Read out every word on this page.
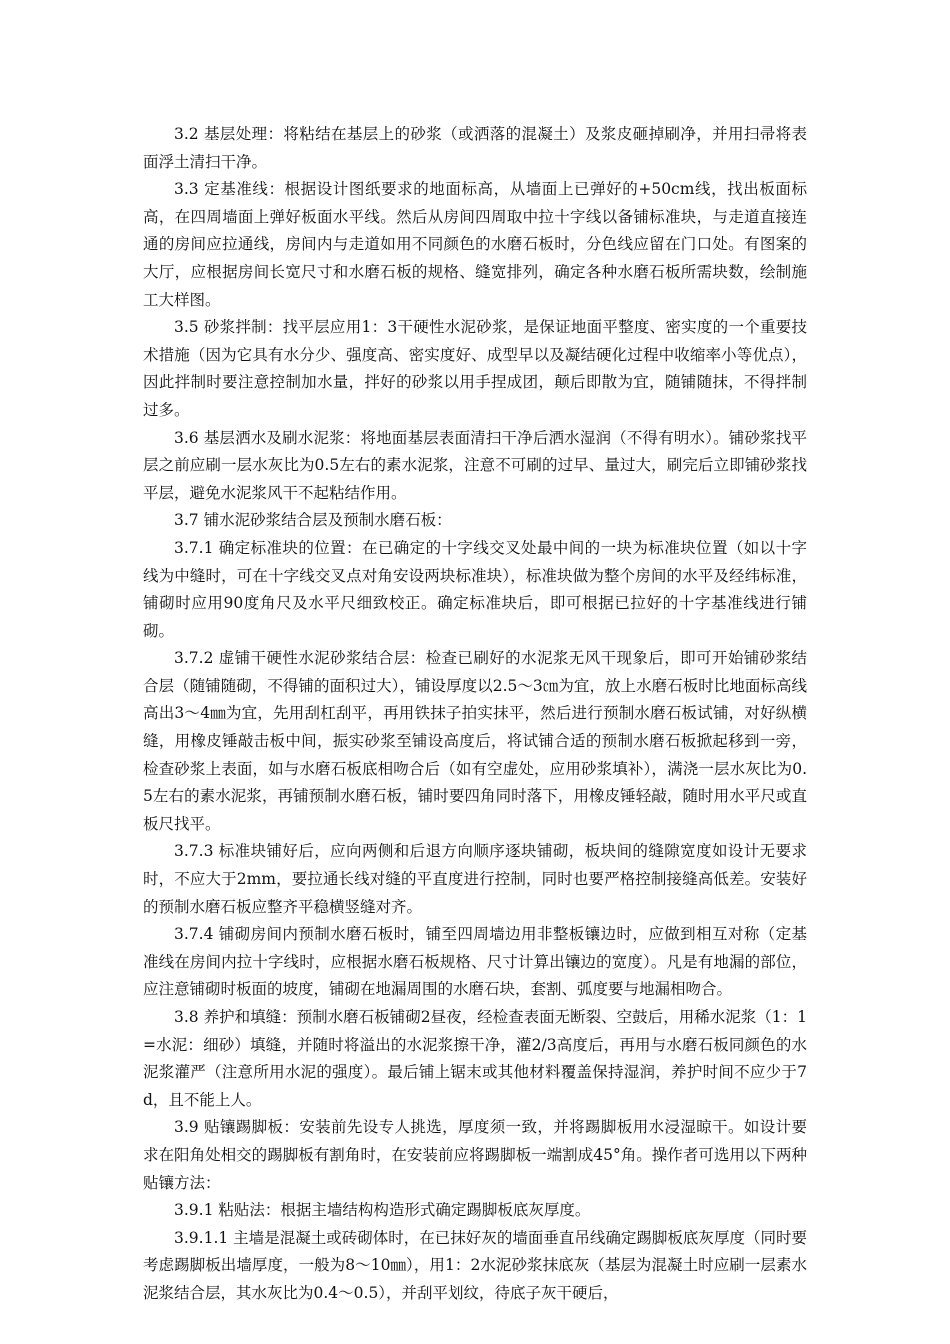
3.2 基层处理：将粘结在基层上的砂浆（或洒落的混凝土）及浆皮砸掉刷净，并用扫帚将表面浮土清扫干净。

3.3 定基准线：根据设计图纸要求的地面标高，从墙面上已弹好的+50cm线，找出板面标高，在四周墙面上弹好板面水平线。然后从房间四周取中拉十字线以备铺标准块，与走道直接连通的房间应拉通线，房间内与走道如用不同颜色的水磨石板时，分色线应留在门口处。有图案的大厅，应根据房间长宽尺寸和水磨石板的规格、缝宽排列，确定各种水磨石板所需块数，绘制施工大样图。

3.5 砂浆拌制：找平层应用1：3干硬性水泥砂浆，是保证地面平整度、密实度的一个重要技术措施（因为它具有水分少、强度高、密实度好、成型早以及凝结硬化过程中收缩率小等优点），因此拌制时要注意控制加水量，拌好的砂浆以用手捏成团，颠后即散为宜，随铺随抹，不得拌制过多。

3.6 基层洒水及刷水泥浆：将地面基层表面清扫干净后洒水湿润（不得有明水）。铺砂浆找平层之前应刷一层水灰比为0.5左右的素水泥浆，注意不可刷的过早、量过大，刷完后立即铺砂浆找平层，避免水泥浆风干不起粘结作用。

3.7 铺水泥砂浆结合层及预制水磨石板：

3.7.1 确定标准块的位置：在已确定的十字线交叉处最中间的一块为标准块位置（如以十字线为中缝时，可在十字线交叉点对角安设两块标准块），标准块做为整个房间的水平及经纬标准，铺砌时应用90度角尺及水平尺细致校正。确定标准块后，即可根据已拉好的十字基准线进行铺砌。

3.7.2 虚铺干硬性水泥砂浆结合层：检查已刷好的水泥浆无风干现象后，即可开始铺砂浆结合层（随铺随砌，不得铺的面积过大），铺设厚度以2.5～3㎝为宜，放上水磨石板时比地面标高线高出3～4㎜为宜，先用刮杠刮平，再用铁抹子拍实抹平，然后进行预制水磨石板试铺，对好纵横缝，用橡皮锤敲击板中间，振实砂浆至铺设高度后，将试铺合适的预制水磨石板掀起移到一旁，检查砂浆上表面，如与水磨石板底相吻合后（如有空虚处，应用砂浆填补），满浇一层水灰比为0.5左右的素水泥浆，再铺预制水磨石板，铺时要四角同时落下，用橡皮锤轻敲，随时用水平尺或直板尺找平。

3.7.3 标准块铺好后，应向两侧和后退方向顺序逐块铺砌，板块间的缝隙宽度如设计无要求时，不应大于2mm，要拉通长线对缝的平直度进行控制，同时也要严格控制接缝高低差。安装好的预制水磨石板应整齐平稳横竖缝对齐。

3.7.4 铺砌房间内预制水磨石板时，铺至四周墙边用非整板镶边时，应做到相互对称（定基准线在房间内拉十字线时，应根据水磨石板规格、尺寸计算出镶边的宽度）。凡是有地漏的部位，应注意铺砌时板面的坡度，铺砌在地漏周围的水磨石块，套割、弧度要与地漏相吻合。

3.8 养护和填缝：预制水磨石板铺砌2昼夜，经检查表面无断裂、空鼓后，用稀水泥浆（1：1=水泥：细砂）填缝，并随时将溢出的水泥浆擦干净，灌2/3高度后，再用与水磨石板同颜色的水泥浆灌严（注意所用水泥的强度）。最后铺上锯末或其他材料覆盖保持湿润，养护时间不应少于7d，且不能上人。

3.9 贴镶踢脚板：安装前先设专人挑选，厚度须一致，并将踢脚板用水浸湿晾干。如设计要求在阳角处相交的踢脚板有割角时，在安装前应将踢脚板一端割成45°角。操作者可选用以下两种贴镶方法：

3.9.1 粘贴法：根据主墙结构构造形式确定踢脚板底灰厚度。

3.9.1.1 主墙是混凝土或砖砌体时，在已抹好灰的墙面垂直吊线确定踢脚板底灰厚度（同时要考虑踢脚板出墙厚度，一般为8～10㎜），用1：2水泥砂浆抹底灰（基层为混凝土时应刷一层素水泥浆结合层，其水灰比为0.4～0.5），并刮平划纹，待底子灰干硬后，
